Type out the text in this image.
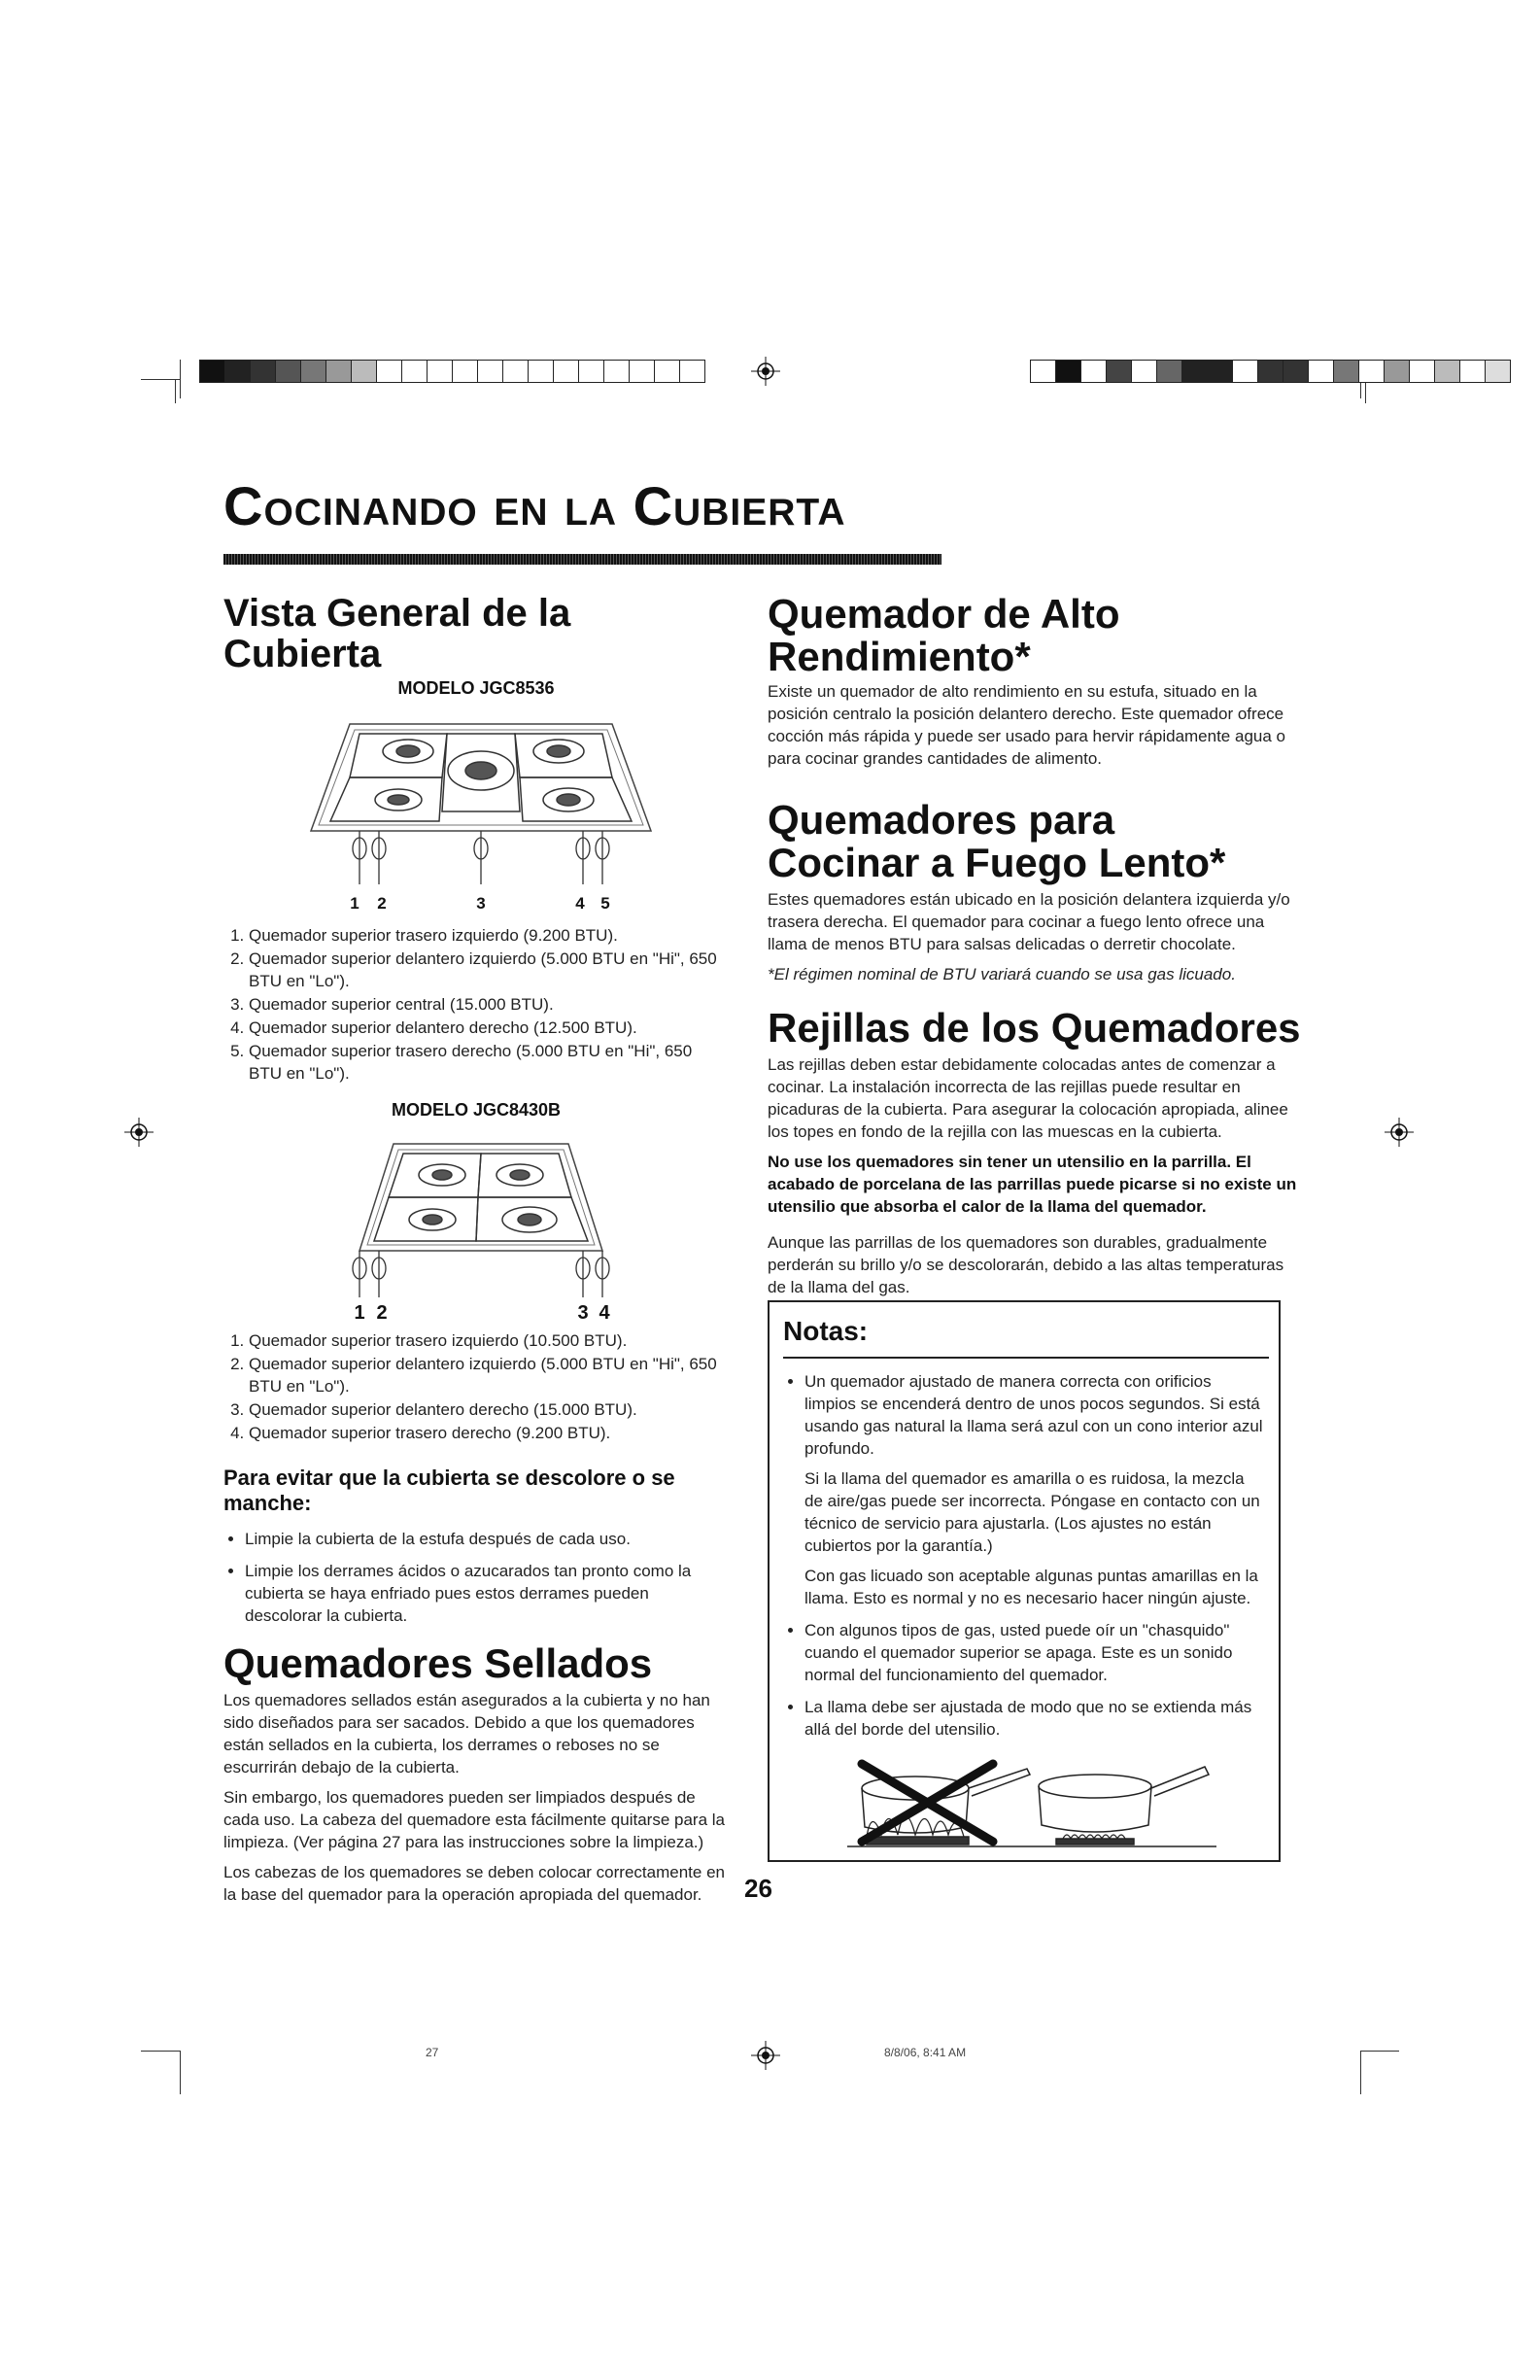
Cocinando en la Cubierta
Vista General de la Cubierta
MODELO JGC8536
1 2	3	4 5
1. Quemador superior trasero izquierdo (9.200 BTU).
2. Quemador superior delantero izquierdo (5.000 BTU en "Hi", 650 BTU en "Lo").
3. Quemador superior central (15.000 BTU).
4. Quemador superior delantero derecho (12.500 BTU).
5. Quemador superior trasero derecho (5.000 BTU en "Hi", 650 BTU en "Lo").
MODELO JGC8430B
1 2	3 4
1. Quemador superior trasero izquierdo (10.500 BTU).
2. Quemador superior delantero izquierdo (5.000 BTU en "Hi", 650 BTU en "Lo").
3. Quemador superior delantero derecho (15.000 BTU).
4. Quemador superior trasero derecho (9.200 BTU).
Para evitar que la cubierta se descolore o se manche:
• Limpie la cubierta de la estufa después de cada uso.
• Limpie los derrames ácidos o azucarados tan pronto como la cubierta se haya enfriado pues estos derrames pueden descolorar la cubierta.
Quemadores Sellados

Los quemadores sellados están asegurados a la cubierta y no han sido diseñados para ser sacados. Debido a que los quemadores están sellados en la cubierta, los derrames o reboses no se escurrirán debajo de la cubierta.

Sin embargo, los quemadores pueden ser limpiados después de cada uso. La cabeza del quemadore esta fácilmente quitarse para la limpieza. (Ver página 27 para las instrucciones sobre la limpieza.)

Los cabezas de los quemadores se deben colocar correctamente en la base del quemador para la operación apropiada del quemador.

Quemador de Alto Rendimiento*

Existe un quemador de alto rendimiento en su estufa, situado en la posición centralo la posición delantero derecho. Este quemador ofrece cocción más rápida y puede ser usado para hervir rápidamente agua o para cocinar grandes cantidades de alimento.

Quemadores para Cocinar a Fuego Lento*

Estes quemadores están ubicado en la posición delantera izquierda y/o trasera derecha. El quemador para cocinar a fuego lento ofrece una llama de menos BTU para salsas delicadas o derretir chocolate.

*El régimen nominal de BTU variará cuando se usa gas licuado.

Rejillas de los Quemadores

Las rejillas deben estar debidamente colocadas antes de comenzar a cocinar. La instalación incorrecta de las rejillas puede resultar en picaduras de la cubierta. Para asegurar la colocación apropiada, alinee los topes en fondo de la rejilla con las muescas en la cubierta.

No use los quemadores sin tener un utensilio en la parrilla. El acabado de porcelana de las parrillas puede picarse si no existe un utensilio que absorba el calor de la llama del quemador.

Aunque las parrillas de los quemadores son durables, gradualmente perderán su brillo y/o se descolorarán, debido a las altas temperaturas de la llama del gas.

Notas:
• Un quemador ajustado de manera correcta con orificios limpios se encenderá dentro de unos pocos segundos. Si está usando gas natural la llama será azul con un cono interior azul profundo.

Si la llama del quemador es amarilla o es ruidosa, la mezcla de aire/gas puede ser incorrecta. Póngase en contacto con un técnico de servicio para ajustarla. (Los ajustes no están cubiertos por la garantía.)

Con gas licuado son aceptable algunas puntas amarillas en la llama. Esto es normal y no es necesario hacer ningún ajuste.

• Con algunos tipos de gas, usted puede oír un "chasquido" cuando el quemador superior se apaga. Este es un sonido normal del funcionamiento del quemador.
• La llama debe ser ajustada de modo que no se extienda más allá del borde del utensilio.
26
27	8/8/06, 8:41 AM
